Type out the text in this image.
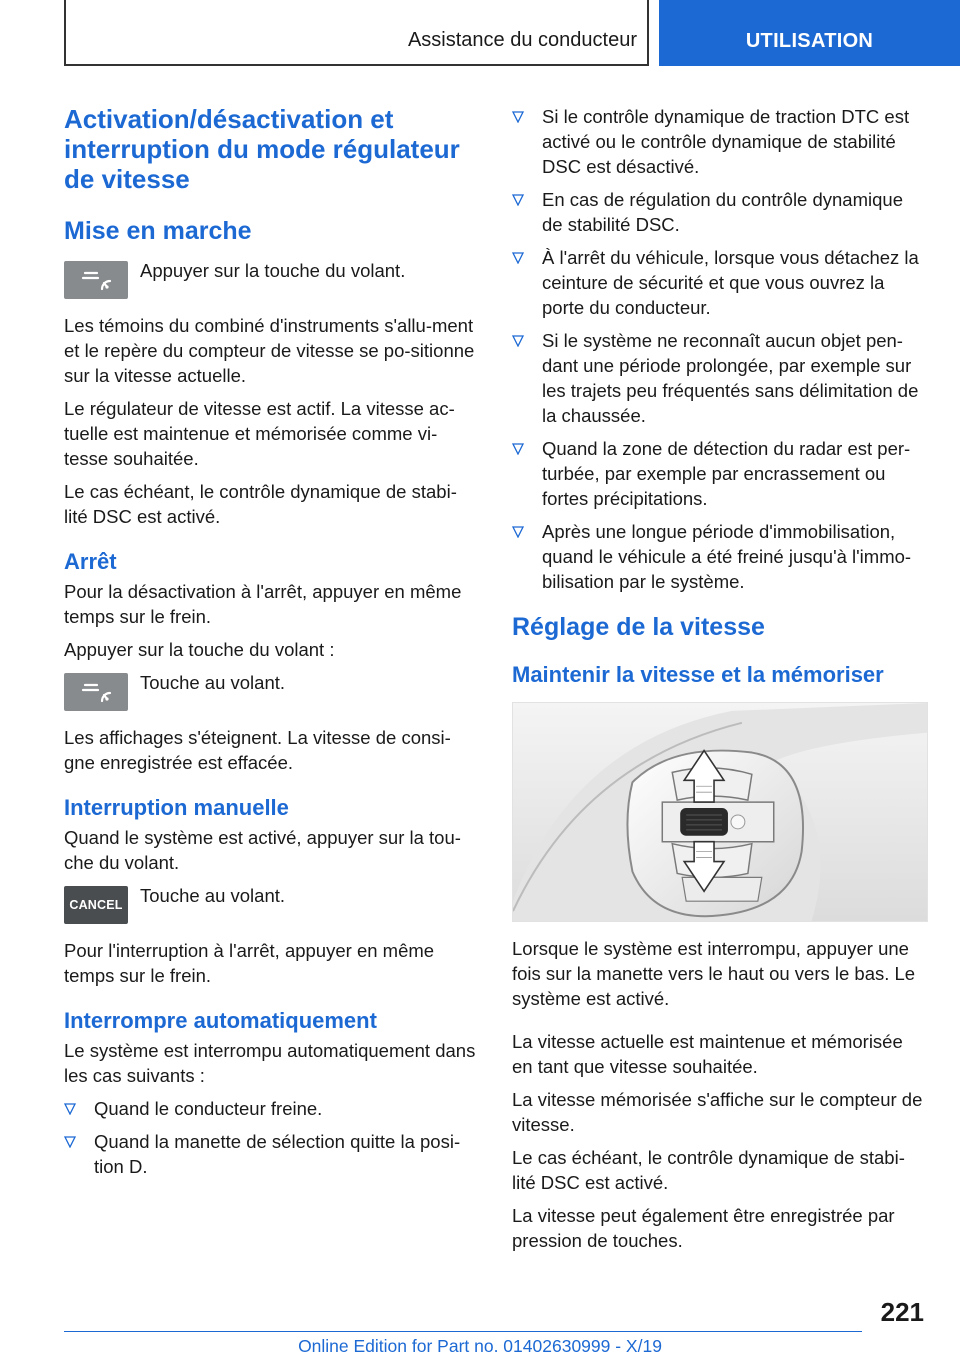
Assistance du conducteur	UTILISATION
Activation/désactivation et interruption du mode régulateur de vitesse
Mise en marche
Appuyer sur la touche du volant.

Les témoins du combiné d'instruments s'allu-ment et le repère du compteur de vitesse se po-sitionne sur la vitesse actuelle.

Le régulateur de vitesse est actif. La vitesse ac-tuelle est maintenue et mémorisée comme vi-tesse souhaitée.

Le cas échéant, le contrôle dynamique de stabi-lité DSC est activé.

Arrêt

Pour la désactivation à l'arrêt, appuyer en même temps sur le frein.

Appuyer sur la touche du volant :

Touche au volant.

Les affichages s'éteignent. La vitesse de consi-gne enregistrée est effacée.

Interruption manuelle

Quand le système est activé, appuyer sur la tou-che du volant.

CANCEL Touche au volant.

Pour l'interruption à l'arrêt, appuyer en même temps sur le frein.

Interrompre automatiquement

Le système est interrompu automatiquement dans les cas suivants :

Quand le conducteur freine.
Quand la manette de sélection quitte la posi-tion D.
Si le contrôle dynamique de traction DTC est activé ou le contrôle dynamique de stabilité DSC est désactivé.
En cas de régulation du contrôle dynamique de stabilité DSC.
À l'arrêt du véhicule, lorsque vous détachez la ceinture de sécurité et que vous ouvrez la porte du conducteur.
Si le système ne reconnaît aucun objet pen-dant une période prolongée, par exemple sur les trajets peu fréquentés sans délimitation de la chaussée.
Quand la zone de détection du radar est per-turbée, par exemple par encrassement ou fortes précipitations.
Après une longue période d'immobilisation, quand le véhicule a été freiné jusqu'à l'immo-bilisation par le système.
Réglage de la vitesse
Maintenir la vitesse et la mémoriser

Lorsque le système est interrompu, appuyer une fois sur la manette vers le haut ou vers le bas. Le système est activé.

La vitesse actuelle est maintenue et mémorisée en tant que vitesse souhaitée.

La vitesse mémorisée s'affiche sur le compteur de vitesse.

Le cas échéant, le contrôle dynamique de stabi-lité DSC est activé.

La vitesse peut également être enregistrée par pression de touches.

221
Online Edition for Part no. 01402630999 - X/19
